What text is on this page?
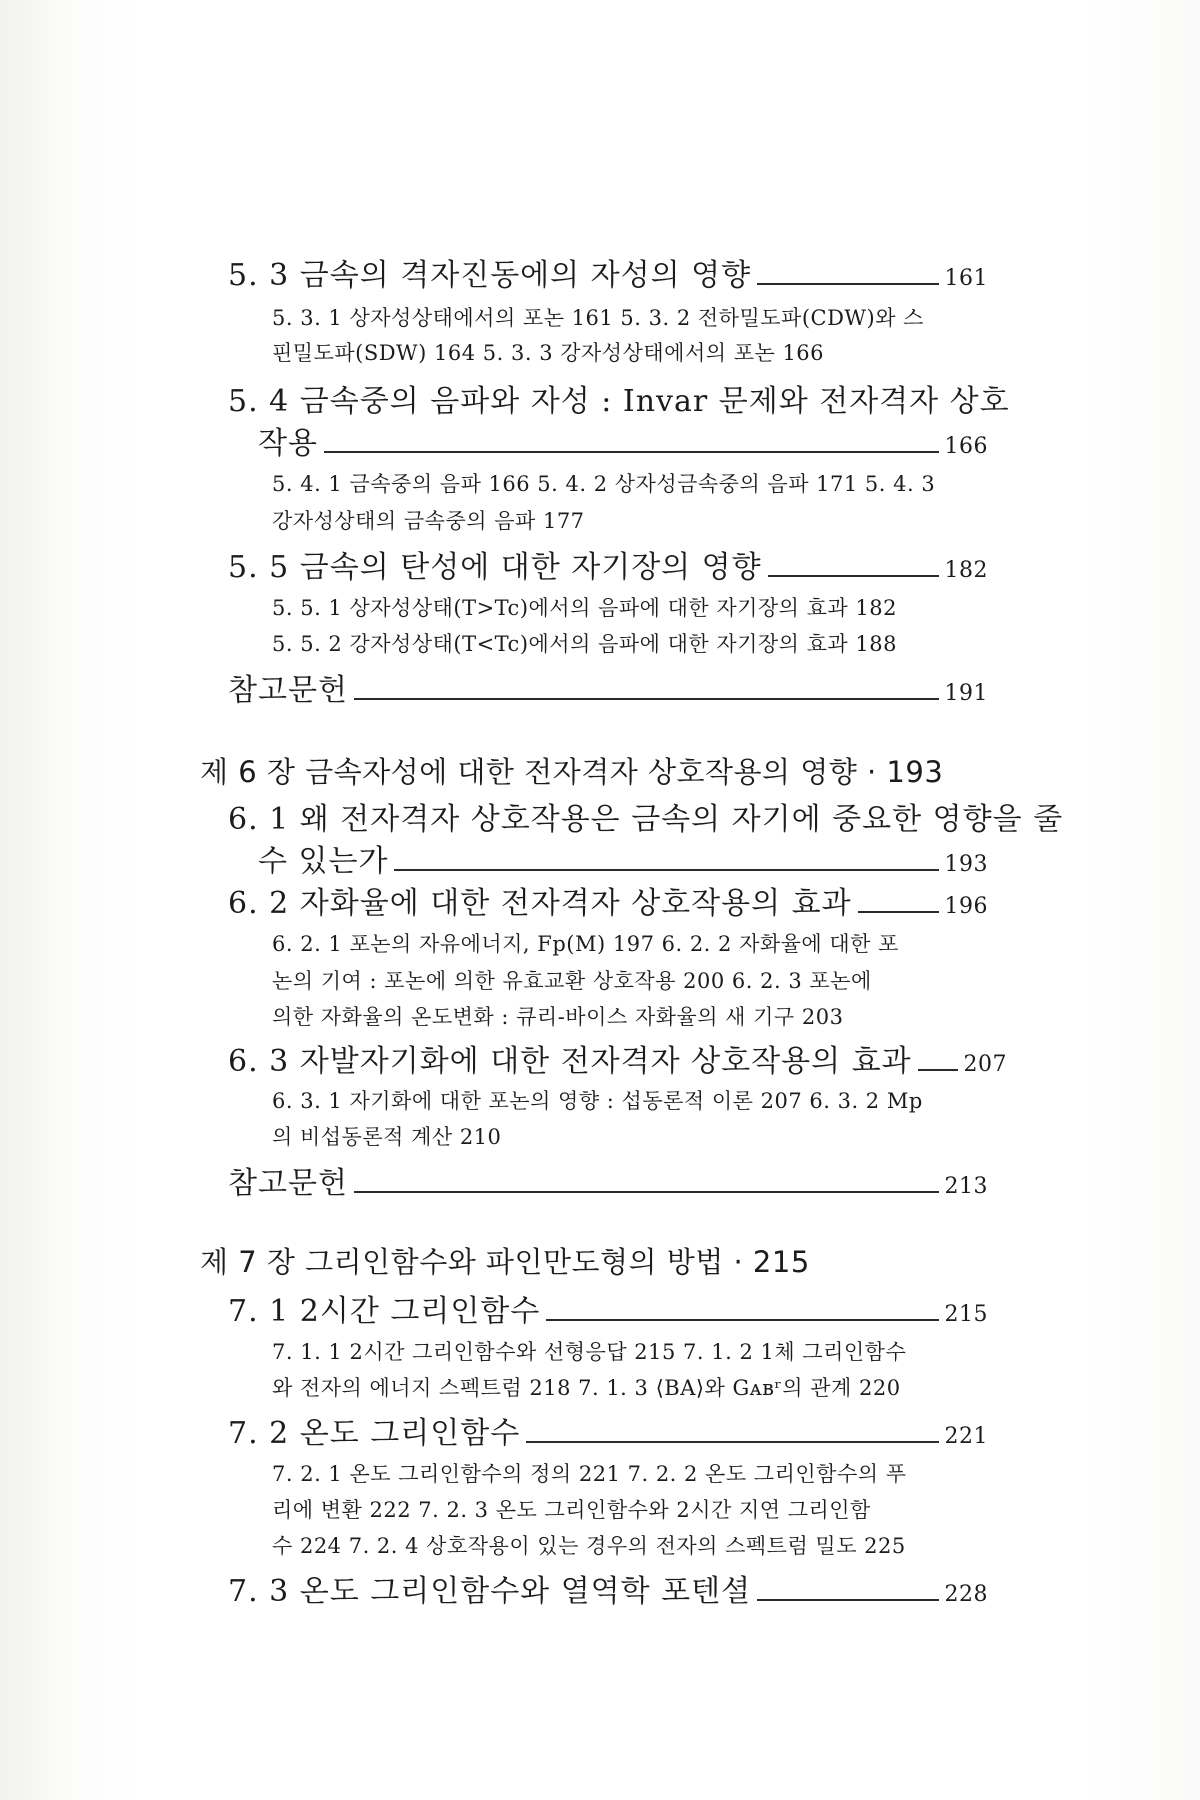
5. 3 금속의 격자진동에의 자성의 영향	161
5. 3. 1 상자성상태에서의 포논 161 5. 3. 2 전하밀도파(CDW)와 스
핀밀도파(SDW) 164 5. 3. 3 강자성상태에서의 포논 166
5. 4 금속중의 음파와 자성 : Invar 문제와 전자격자 상호
작용	166
5. 4. 1 금속중의 음파 166 5. 4. 2 상자성금속중의 음파 171 5. 4. 3
강자성상태의 금속중의 음파 177
5. 5 금속의 탄성에 대한 자기장의 영향	182
5. 5. 1 상자성상태(T>Tc)에서의 음파에 대한 자기장의 효과 182
5. 5. 2 강자성상태(T<Tc)에서의 음파에 대한 자기장의 효과 188
참고문헌	191
제 6 장 금속자성에 대한 전자격자 상호작용의 영향 · 193
6. 1 왜 전자격자 상호작용은 금속의 자기에 중요한 영향을 줄
수 있는가	193
6. 2 자화율에 대한 전자격자 상호작용의 효과	196
6. 2. 1 포논의 자유에너지, Fp(M) 197 6. 2. 2 자화율에 대한 포
논의 기여 : 포논에 의한 유효교환 상호작용 200 6. 2. 3 포논에
의한 자화율의 온도변화 : 큐리-바이스 자화율의 새 기구 203
6. 3 자발자기화에 대한 전자격자 상호작용의 효과 207
6. 3. 1 자기화에 대한 포논의 영향 : 섭동론적 이론 207 6. 3. 2 Mp
의 비섭동론적 계산 210
참고문헌	213
제 7 장 그리인함수와 파인만도형의 방법 · 215
7. 1 2시간 그리인함수	215
7. 1. 1 2시간 그리인함수와 선형응답 215 7. 1. 2 1체 그리인함수
와 전자의 에너지 스펙트럼 218 7. 1. 3 ⟨BA⟩와 Gᴀʙʳ의 관계 220
7. 2 온도 그리인함수	221
7. 2. 1 온도 그리인함수의 정의 221 7. 2. 2 온도 그리인함수의 푸
리에 변환 222 7. 2. 3 온도 그리인함수와 2시간 지연 그리인함
수 224 7. 2. 4 상호작용이 있는 경우의 전자의 스펙트럼 밀도 225
7. 3 온도 그리인함수와 열역학 포텐셜	228
